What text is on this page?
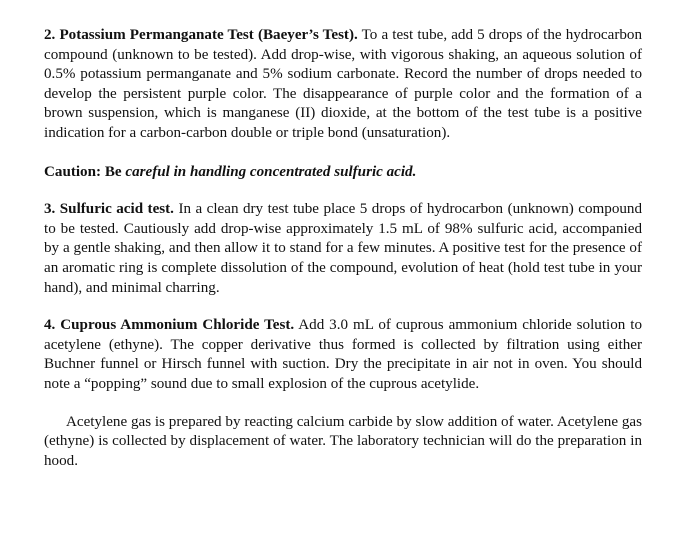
2. Potassium Permanganate Test (Baeyer’s Test). To a test tube, add 5 drops of the hydrocarbon compound (unknown to be tested). Add drop-wise, with vigorous shaking, an aqueous solution of 0.5% potassium permanganate and 5% sodium carbonate. Record the number of drops needed to develop the persistent purple color. The disappearance of purple color and the formation of a brown suspension, which is manganese (II) dioxide, at the bottom of the test tube is a positive indication for a carbon-carbon double or triple bond (unsaturation).

Caution: Be careful in handling concentrated sulfuric acid.

3. Sulfuric acid test. In a clean dry test tube place 5 drops of hydrocarbon (unknown) compound to be tested. Cautiously add drop-wise approximately 1.5 mL of 98% sulfuric acid, accompanied by a gentle shaking, and then allow it to stand for a few minutes. A positive test for the presence of an aromatic ring is complete dissolution of the compound, evolution of heat (hold test tube in your hand), and minimal charring.

4. Cuprous Ammonium Chloride Test. Add 3.0 mL of cuprous ammonium chloride solution to acetylene (ethyne). The copper derivative thus formed is collected by filtration using either Buchner funnel or Hirsch funnel with suction. Dry the precipitate in air not in oven. You should note a “popping” sound due to small explosion of the cuprous acetylide.

Acetylene gas is prepared by reacting calcium carbide by slow addition of water. Acetylene gas (ethyne) is collected by displacement of water. The laboratory technician will do the preparation in hood.
